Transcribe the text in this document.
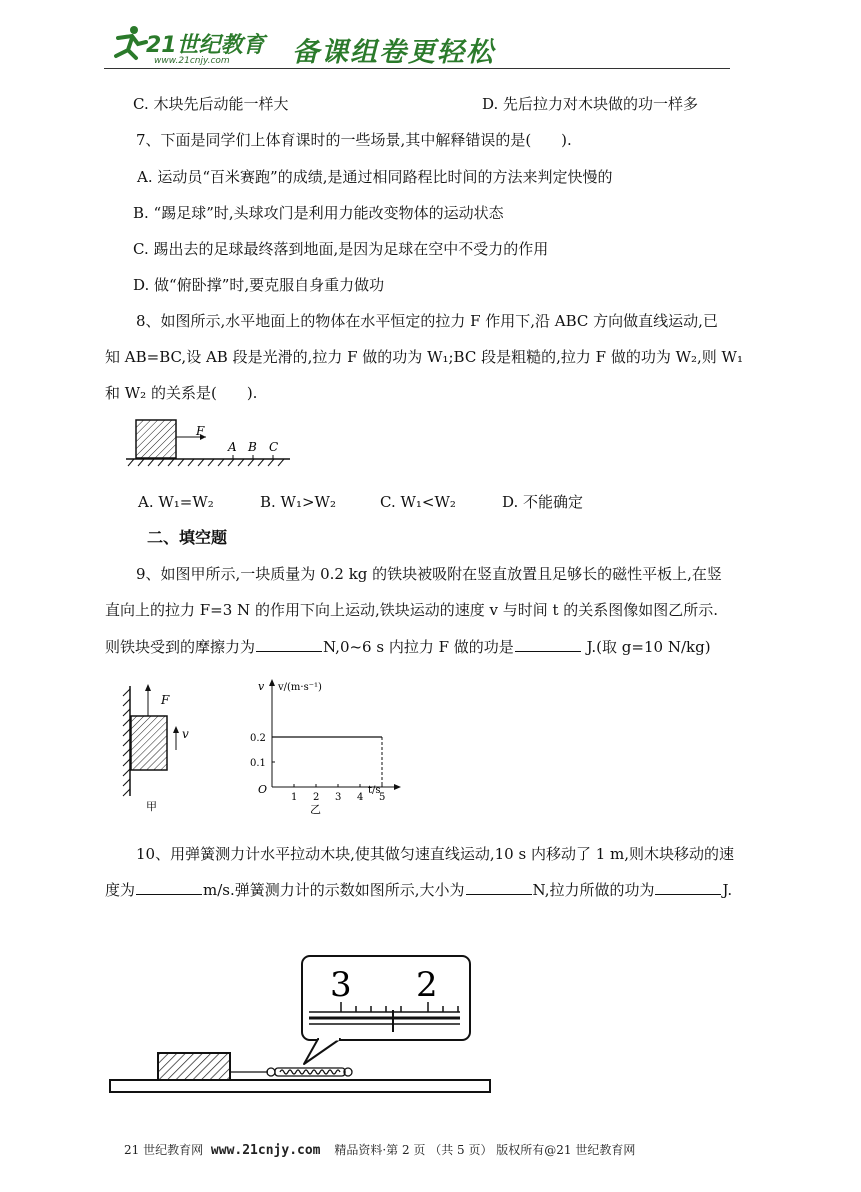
21世纪教育
www.21cnjy.com 备课组卷更轻松
C. 木块先后动能一样大	D. 先后拉力对木块做的功一样多
7、下面是同学们上体育课时的一些场景,其中解释错误的是(　　).
A. 运动员“百米赛跑”的成绩,是通过相同路程比时间的方法来判定快慢的
B. “踢足球”时,头球攻门是利用力能改变物体的运动状态
C. 踢出去的足球最终落到地面,是因为足球在空中不受力的作用
D. 做“俯卧撑”时,要克服自身重力做功
8、如图所示,水平地面上的物体在水平恒定的拉力 F 作用下,沿 ABC 方向做直线运动,已
知 AB=BC,设 AB 段是光滑的,拉力 F 做的功为 W₁;BC 段是粗糙的,拉力 F 做的功为 W₂,则 W₁
和 W₂ 的关系是(　　).
F
A B C
A. W₁=W₂	B. W₁>W₂	C. W₁<W₂	D. 不能确定
二、填空题
9、如图甲所示,一块质量为 0.2 kg 的铁块被吸附在竖直放置且足够长的磁性平板上,在竖
直向上的拉力 F=3 N 的作用下向上运动,铁块运动的速度 v 与时间 t 的关系图像如图乙所示.
则铁块受到的摩擦力为	N,0~6 s 内拉力 F 做的功是	J.(取 g=10 N/kg)
F
v
甲
v v/(m·s⁻¹)
t/s
O
乙
1 2 3 4 5
0.1
0.2
10、用弹簧测力计水平拉动木块,使其做匀速直线运动,10 s 内移动了 1 m,则木块移动的速
度为	m/s.弹簧测力计的示数如图所示,大小为	N,拉力所做的功为	J.
3 2
21 世纪教育网 www.21cnjy.com 精品资料·第 2 页 （共 5 页） 版权所有@21 世纪教育网
